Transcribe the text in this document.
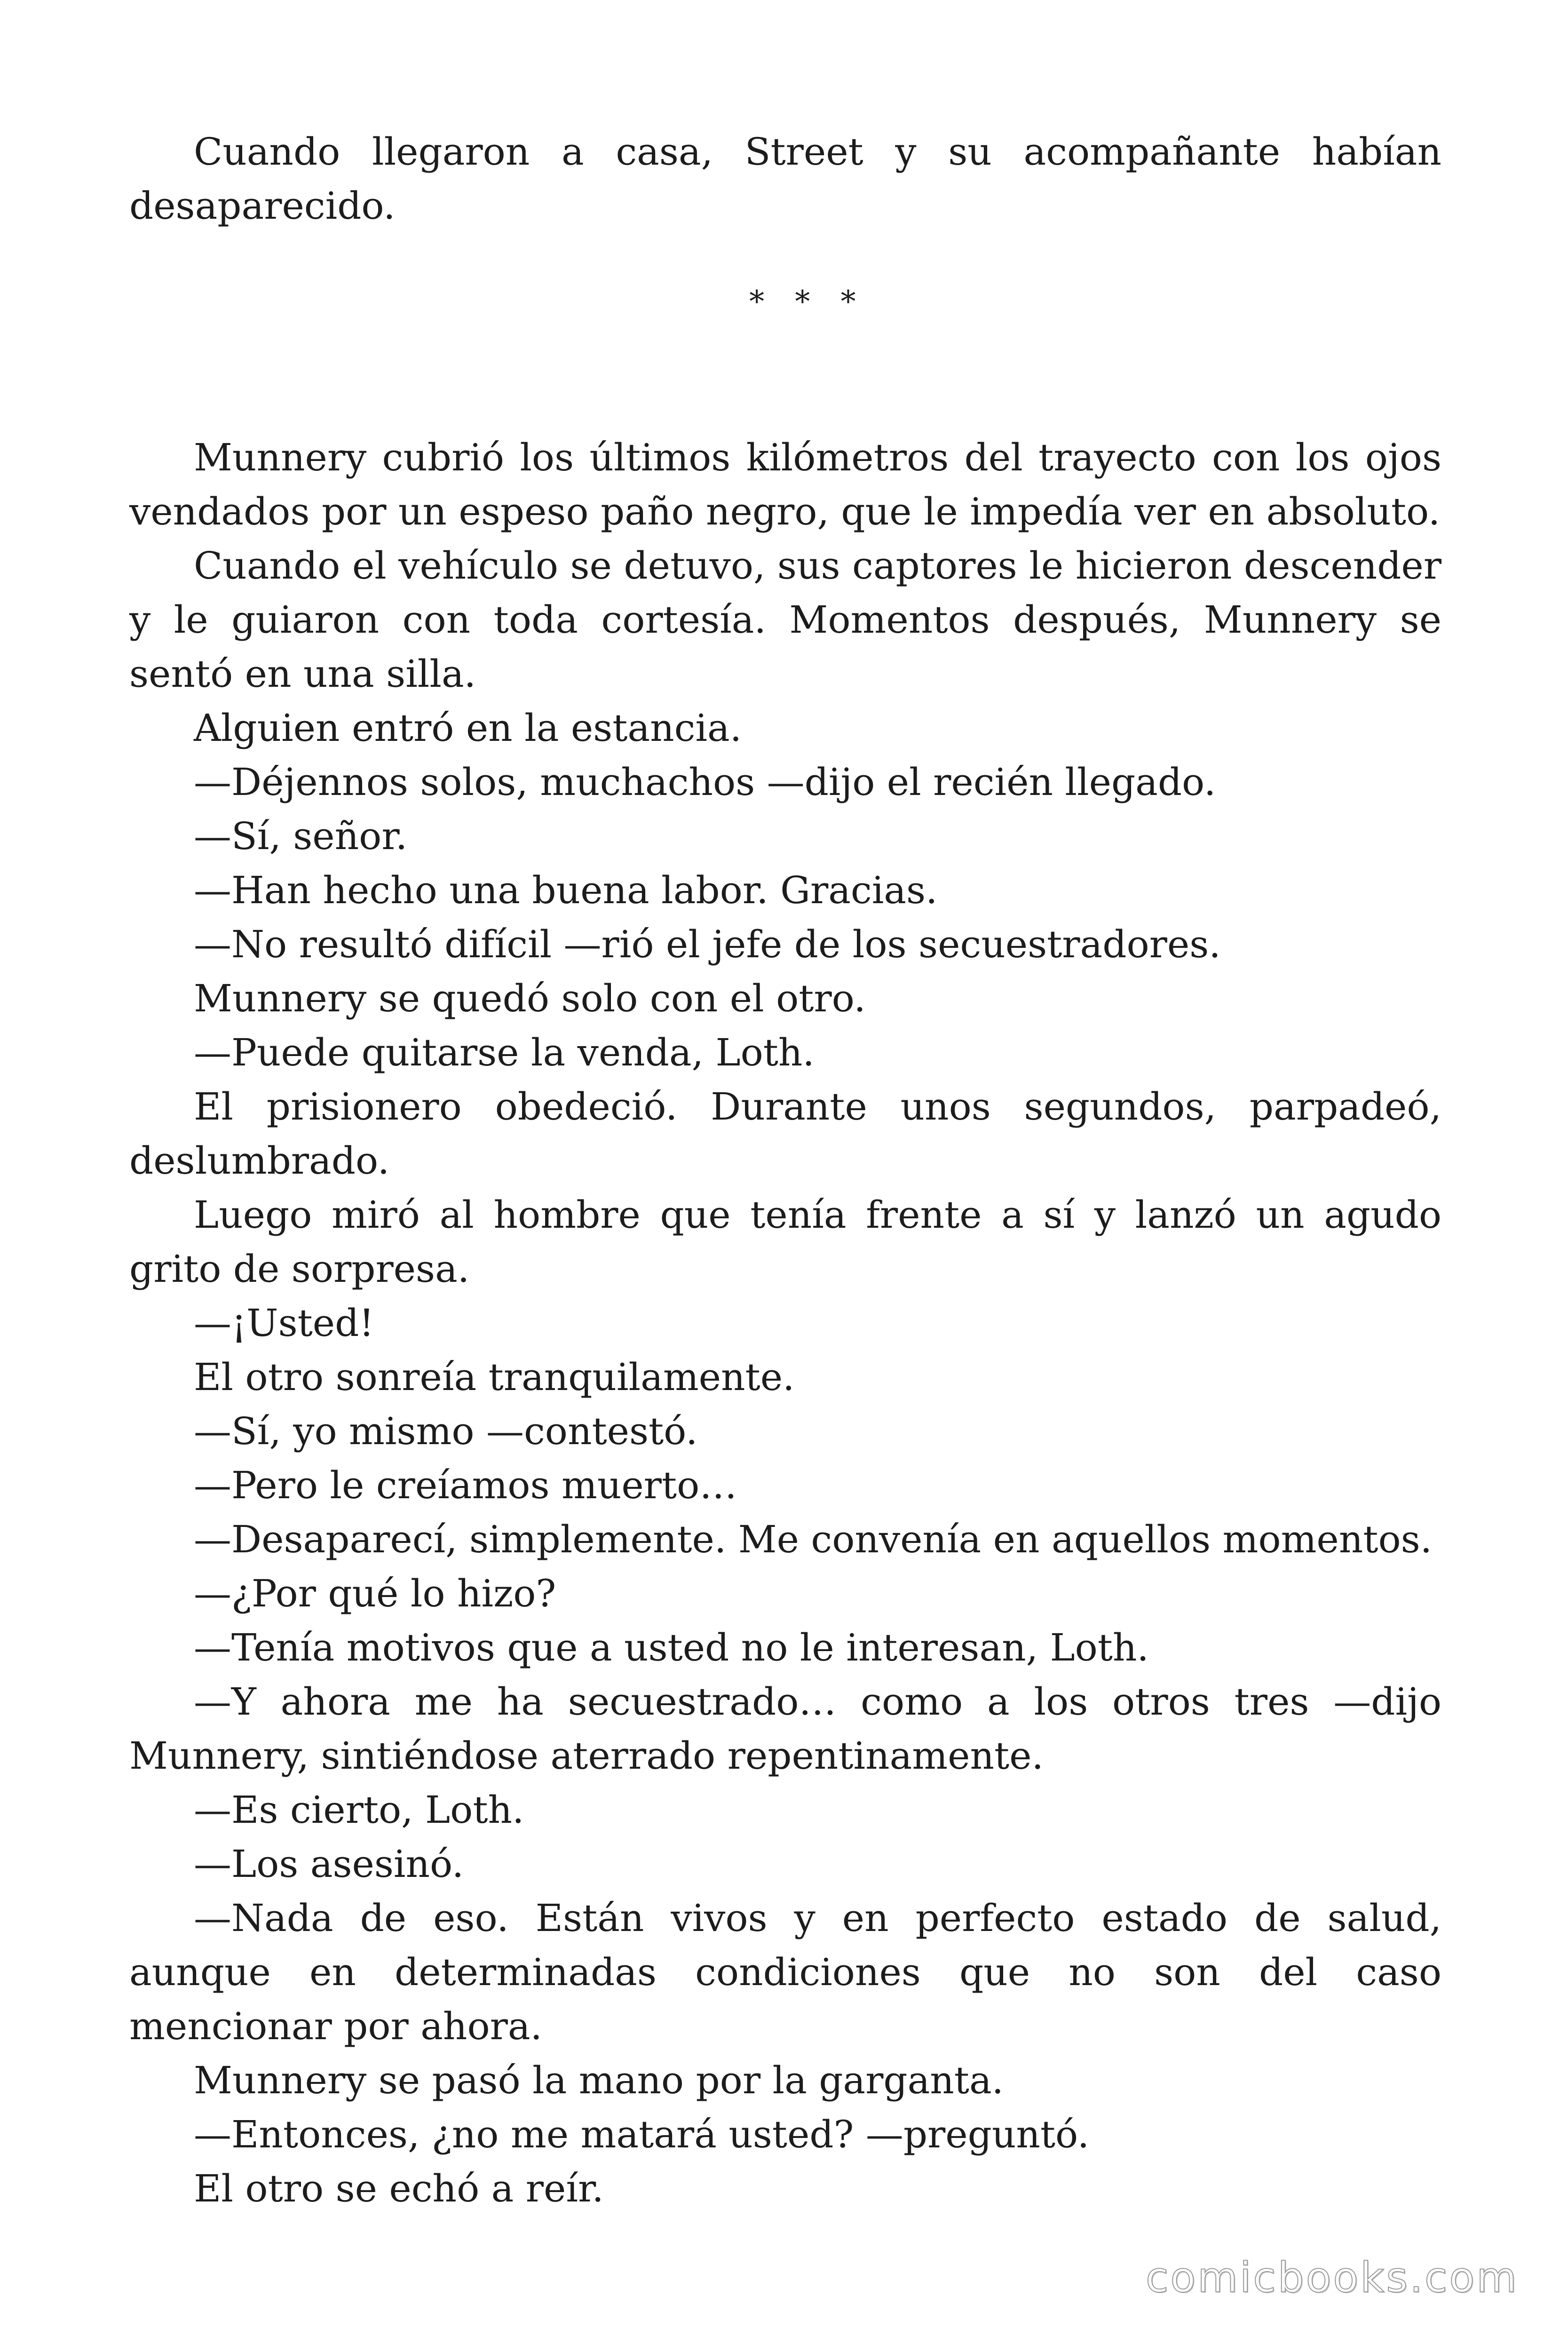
Cuando llegaron a casa, Street y su acompañante habían desaparecido.

* * *

Munnery cubrió los últimos kilómetros del trayecto con los ojos vendados por un espeso paño negro, que le impedía ver en absoluto.

Cuando el vehículo se detuvo, sus captores le hicieron descender y le guiaron con toda cortesía. Momentos después, Munnery se sentó en una silla.

Alguien entró en la estancia.

—Déjennos solos, muchachos —dijo el recién llegado.

—Sí, señor.

—Han hecho una buena labor. Gracias.

—No resultó difícil —rió el jefe de los secuestradores.

Munnery se quedó solo con el otro.

—Puede quitarse la venda, Loth.

El prisionero obedeció. Durante unos segundos, parpadeó, deslumbrado.

Luego miró al hombre que tenía frente a sí y lanzó un agudo grito de sorpresa.

—¡Usted!

El otro sonreía tranquilamente.

—Sí, yo mismo —contestó.

—Pero le creíamos muerto…

—Desaparecí, simplemente. Me convenía en aquellos momentos.

—¿Por qué lo hizo?

—Tenía motivos que a usted no le interesan, Loth.

—Y ahora me ha secuestrado… como a los otros tres —dijo Munnery, sintiéndose aterrado repentinamente.

—Es cierto, Loth.

—Los asesinó.

—Nada de eso. Están vivos y en perfecto estado de salud, aunque en determinadas condiciones que no son del caso mencionar por ahora.

Munnery se pasó la mano por la garganta.

—Entonces, ¿no me matará usted? —preguntó.

El otro se echó a reír.

comicbooks.com
